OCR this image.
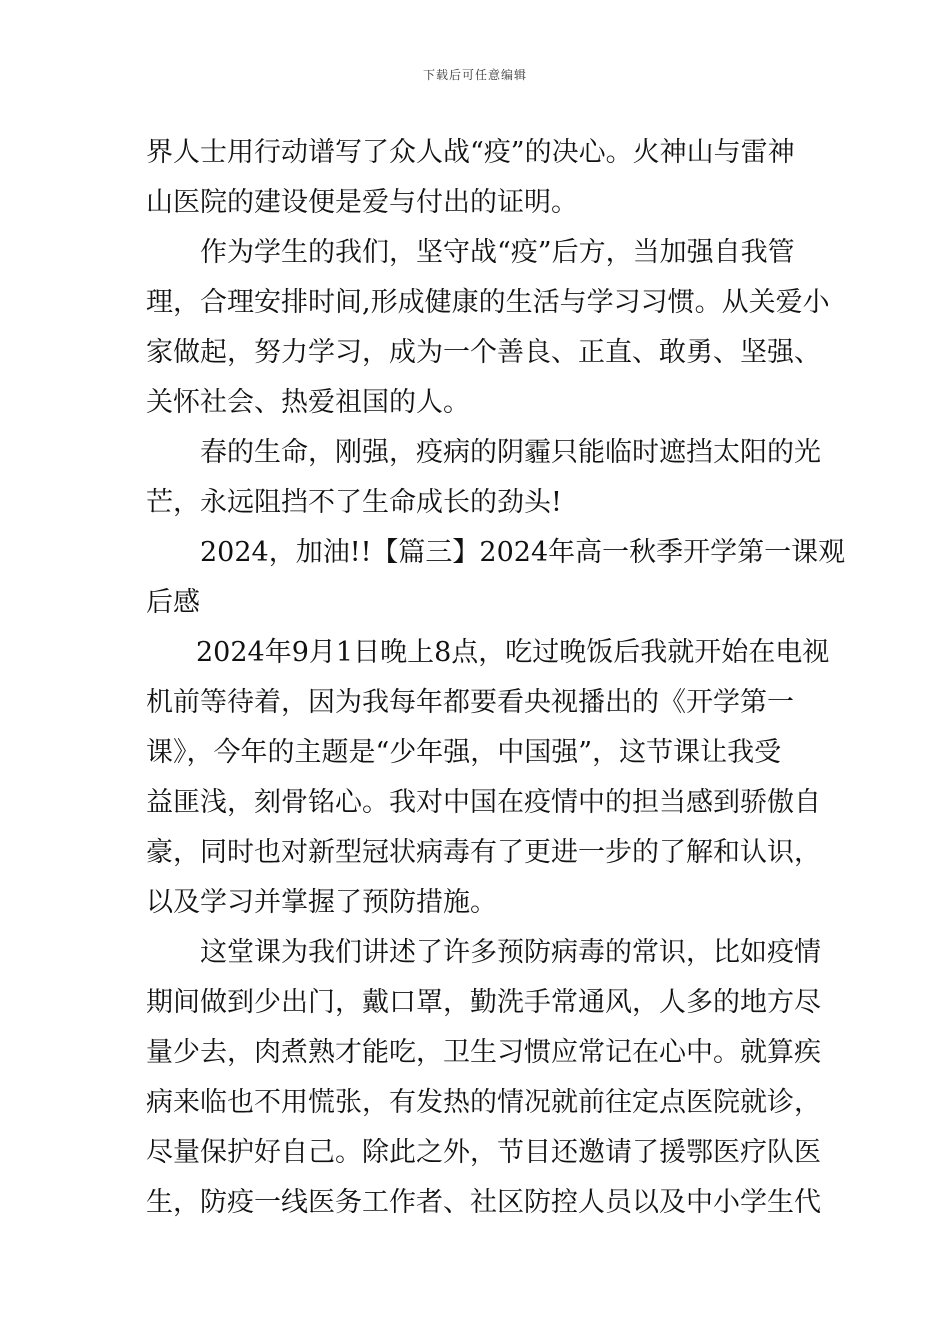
下载后可任意编辑
界人士用行动谱写了众人战“疫”的决心。火神山与雷神
山医院的建设便是爱与付出的证明。
作为学生的我们，坚守战“疫”后方，当加强自我管
理，合理安排时间,形成健康的生活与学习习惯。从关爱小
家做起，努力学习，成为一个善良、正直、敢勇、坚强、
关怀社会、热爱祖国的人。
春的生命，刚强，疫病的阴霾只能临时遮挡太阳的光
芒，永远阻挡不了生命成长的劲头!
2024，加油!!【篇三】2024年高一秋季开学第一课观
后感
2024年9月1日晚上8点，吃过晚饭后我就开始在电视
机前等待着，因为我每年都要看央视播出的《开学第一
课》，今年的主题是“少年强，中国强”，这节课让我受
益匪浅，刻骨铭心。我对中国在疫情中的担当感到骄傲自
豪，同时也对新型冠状病毒有了更进一步的了解和认识，
以及学习并掌握了预防措施。
这堂课为我们讲述了许多预防病毒的常识，比如疫情
期间做到少出门，戴口罩，勤洗手常通风，人多的地方尽
量少去，肉煮熟才能吃，卫生习惯应常记在心中。就算疾
病来临也不用慌张，有发热的情况就前往定点医院就诊，
尽量保护好自己。除此之外，节目还邀请了援鄂医疗队医
生，防疫一线医务工作者、社区防控人员以及中小学生代
